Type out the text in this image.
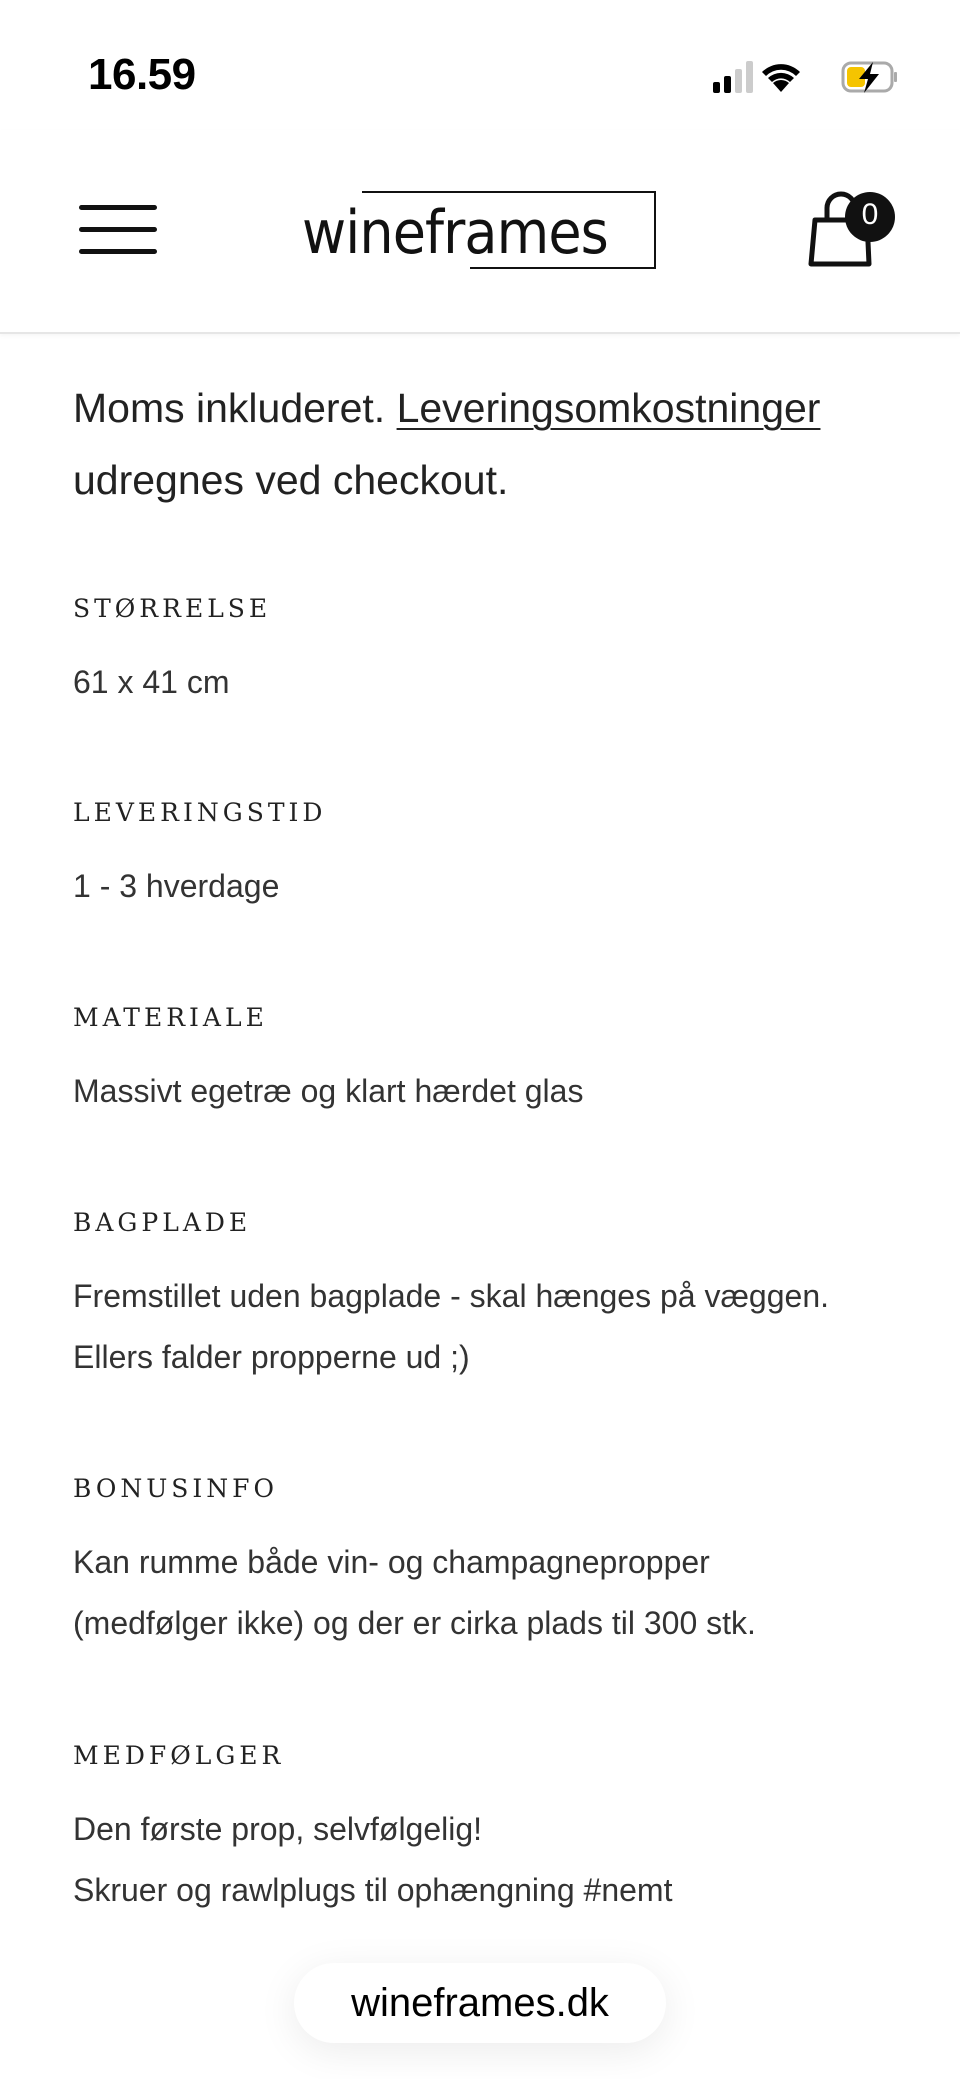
16.59
wineframes	0
Moms inkluderet. Leveringsomkostninger udregnes ved checkout.
STØRRELSE
61 x 41 cm
LEVERINGSTID
1 - 3 hverdage
MATERIALE
Massivt egetræ og klart hærdet glas
BAGPLADE
Fremstillet uden bagplade - skal hænges på væggen.
Ellers falder propperne ud ;)
BONUSINFO
Kan rumme både vin- og champagnepropper
(medfølger ikke) og der er cirka plads til 300 stk.
MEDFØLGER
Den første prop, selvfølgelig!
Skruer og rawlplugs til ophængning #nemt
wineframes.dk
